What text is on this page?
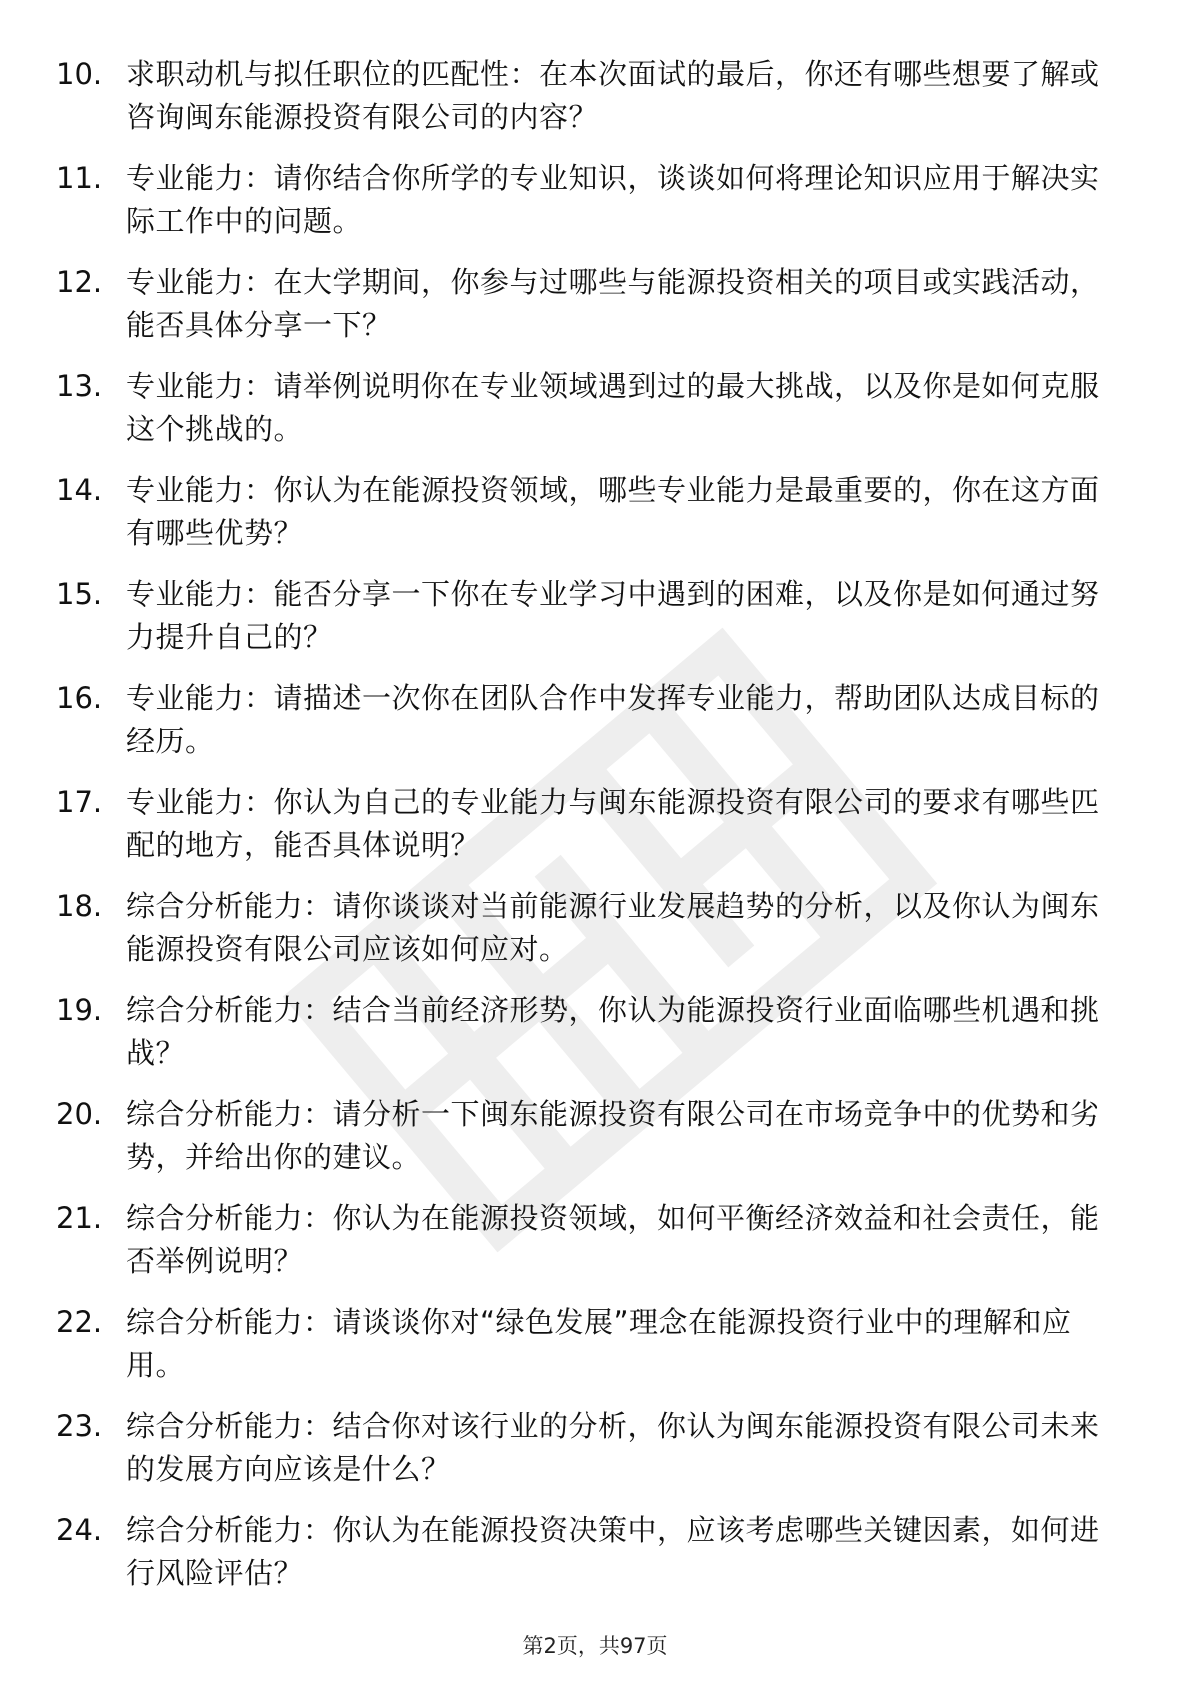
10. 求职动机与拟任职位的匹配性：在本次面试的最后，你还有哪些想要了解或咨询闽东能源投资有限公司的内容？
11. 专业能力：请你结合你所学的专业知识，谈谈如何将理论知识应用于解决实际工作中的问题。
12. 专业能力：在大学期间，你参与过哪些与能源投资相关的项目或实践活动，能否具体分享一下？
13. 专业能力：请举例说明你在专业领域遇到过的最大挑战，以及你是如何克服这个挑战的。
14. 专业能力：你认为在能源投资领域，哪些专业能力是最重要的，你在这方面有哪些优势？
15. 专业能力：能否分享一下你在专业学习中遇到的困难，以及你是如何通过努力提升自己的？
16. 专业能力：请描述一次你在团队合作中发挥专业能力，帮助团队达成目标的经历。
17. 专业能力：你认为自己的专业能力与闽东能源投资有限公司的要求有哪些匹配的地方，能否具体说明？
18. 综合分析能力：请你谈谈对当前能源行业发展趋势的分析，以及你认为闽东能源投资有限公司应该如何应对。
19. 综合分析能力：结合当前经济形势，你认为能源投资行业面临哪些机遇和挑战？
20. 综合分析能力：请分析一下闽东能源投资有限公司在市场竞争中的优势和劣势，并给出你的建议。
21. 综合分析能力：你认为在能源投资领域，如何平衡经济效益和社会责任，能否举例说明？
22. 综合分析能力：请谈谈你对“绿色发展”理念在能源投资行业中的理解和应用。
23. 综合分析能力：结合你对该行业的分析，你认为闽东能源投资有限公司未来的发展方向应该是什么？
24. 综合分析能力：你认为在能源投资决策中，应该考虑哪些关键因素，如何进行风险评估？
第2页，共97页
